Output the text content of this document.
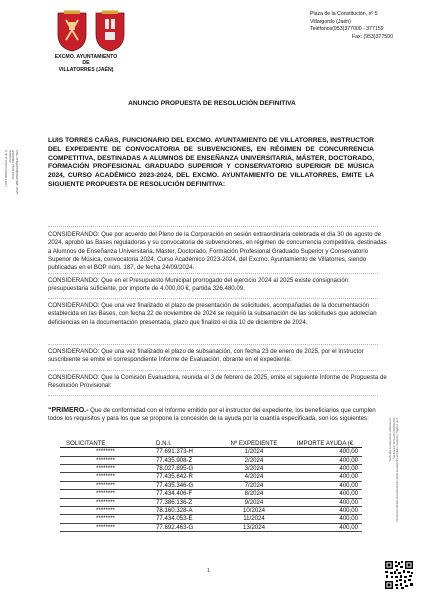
EXCMO. AYUNTAMIENTO
DE
VILLATORRES (JAÉN)
Plaza de la Constitución, nº 5
Villargordo (Jaén)
Teléfonos(953)377000 - 377159
Fax: (953)377500
LUIS TORRES CAÑAS (1 de 1) Presidente Fecha Firma: 04/02/2025 HASH: a8f4cd56e2bb1a0934de77f0c2
ANUNCIO PROPUESTA DE RESOLUCIÓN DEFINITIVA
LUIS TORRES CAÑAS, FUNCIONARIO DEL EXCMO. AYUNTAMIENTO DE VILLATORRES, INSTRUCTOR DEL EXPEDIENTE DE CONVOCATORIA DE SUBVENCIONES, EN RÉGIMEN DE CONCURRENCIA COMPETITIVA, DESTINADAS A ALUMNOS DE ENSEÑANZA UNIVERSITARIA, MÁSTER, DOCTORADO, FORMACIÓN PROFESIONAL GRADUADO SUPERIOR Y CONSERVATORIO SUPERIOR DE MÚSICA 2024, CURSO ACADÉMICO 2023-2024, DEL EXCMO. AYUNTAMIENTO DE VILLATORRES, EMITE LA SIGUIENTE PROPUESTA DE RESOLUCIÓN DEFINITIVA:
CONSIDERANDO: Que por acuerdo del Pleno de la Corporación en sesión extraordinaria celebrada el día 30 de agosto de 2024, aprobó las Bases reguladoras y su convocatoria de subvenciones, en régimen de concurrencia competitiva, destinadas a Alumnos de Enseñanza Universitaria, Máster, Doctorado, Formación Profesional Graduado Superior y Conservatorio Superior de Música, convocatoria 2024, Curso Académico 2023-2024, del Excmo. Ayuntamiento de Villatorres, siendo publicadas en el BOP núm. 187, de fecha 24/09/2024.
CONSIDERANDO: Que en el Presupuesto Municipal prorrogado del ejercicio 2024 al 2025 existe consignación presupuestaria suficiente, por importe de 4.000,00 €, partida 326.480.09.
CONSIDERANDO: Que una vez finalizado el plazo de presentación de solicitudes, acompañadas de la documentación establecida en las Bases, con fecha 22 de noviembre de 2024 se requirió la subsanación de las solicitudes que adolecían deficiencias en la documentación presentada, plazo que finalizó el día 10 de diciembre de 2024.
CONSIDERANDO: Que una vez finalizado el plazo de subsanación, con fecha 23 de enero de 2025, por el Instructor suscribiente se emite el correspondiente Informe de Evaluación, obrante en el expediente.
CONSIDERANDO: Que la Comisión Evaluadora, reunida el 3 de febrero de 2025, emite el siguiente Informe de Propuesta de Resolución Provisional:
“PRIMERO.- Que de conformidad con el Informe emitido por el instructor del expediente, los beneficiarios que cumplen todos los requisitos y para los que se propone la concesión de la ayuda por la cuantía especificada, son los siguientes:
SOLICITANTE	D.N.I.	Nº EXPEDIENTE	IMPORTE AYUDA (€
********	77.691.373-H	1/2024	400,00
********	77.435.908-Z	2/2024	400,00
********	78.027.895-G	3/2024	400,00
********	77.435.642-R	4/2024	400,00
********	77.435.346-G	7/2024	400,00
********	77.434.406-F	8/2024	400,00
********	77.386.136-Z	9/2024	400,00
********	78.160.328-A	10/2024	400,00
********	77.434.053-E	11/2024	400,00
********	77.692.463-G	13/2024	400,00
1
Verificable en https://sede.villatorres.es Verificación: 9lzHxL2Bq7W4T8mZ0k Documento firmado electrónicamente desde la plataforma esPublico Gestiona | Página 1 de 3
